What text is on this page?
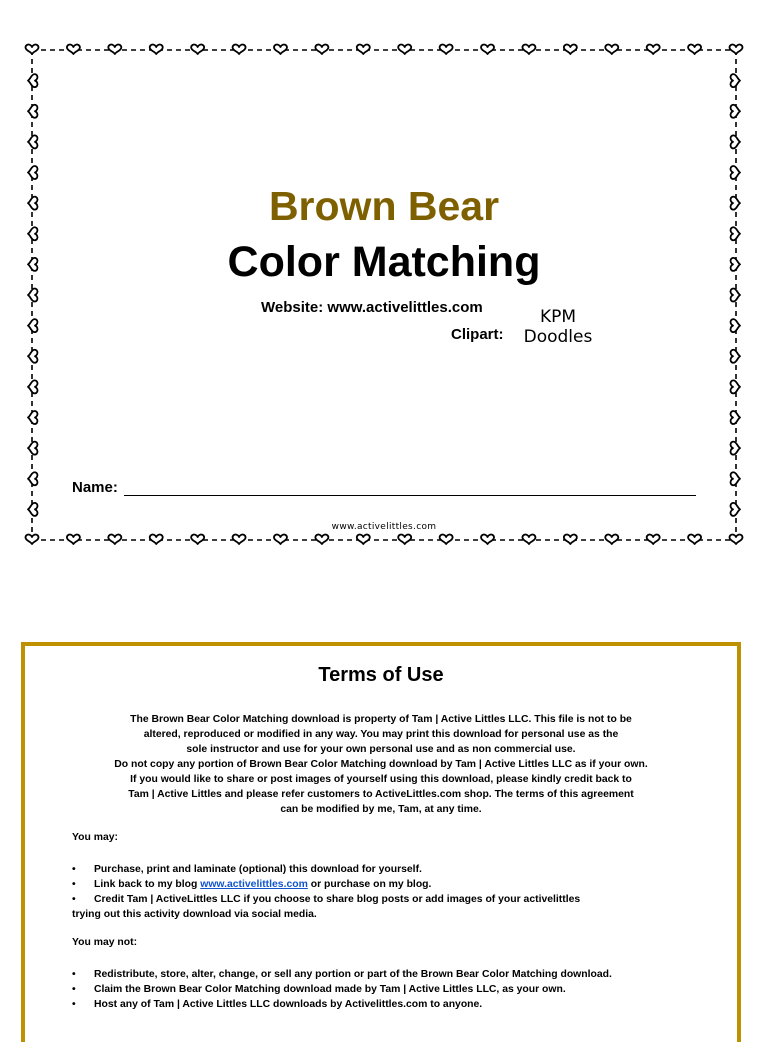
Brown Bear
Color Matching
Website: www.activelittles.com
Clipart:
KPM
Doodles
Name:
www.activelittles.com
Terms of Use
The Brown Bear Color Matching download is property of Tam | Active Littles LLC. This file is not to be
altered, reproduced or modified in any way. You may print this download for personal use as the
sole instructor and use for your own personal use and as non commercial use.
Do not copy any portion of Brown Bear Color Matching download by Tam | Active Littles LLC as if your own.
If you would like to share or post images of yourself using this download, please kindly credit back to
Tam | Active Littles and please refer customers to ActiveLittles.com shop. The terms of this agreement
can be modified by me, Tam, at any time.
You may:
•	Purchase, print and laminate (optional) this download for yourself.
•	Link back to my blog www.activelittles.com or purchase on my blog.
•	Credit Tam | ActiveLittles LLC if you choose to share blog posts or add images of your activelittles
trying out this activity download via social media.
You may not:
•	Redistribute, store, alter, change, or sell any portion or part of the Brown Bear Color Matching download.
•	Claim the Brown Bear Color Matching download made by Tam | Active Littles LLC, as your own.
•	Host any of Tam | Active Littles LLC downloads by Activelittles.com to anyone.
